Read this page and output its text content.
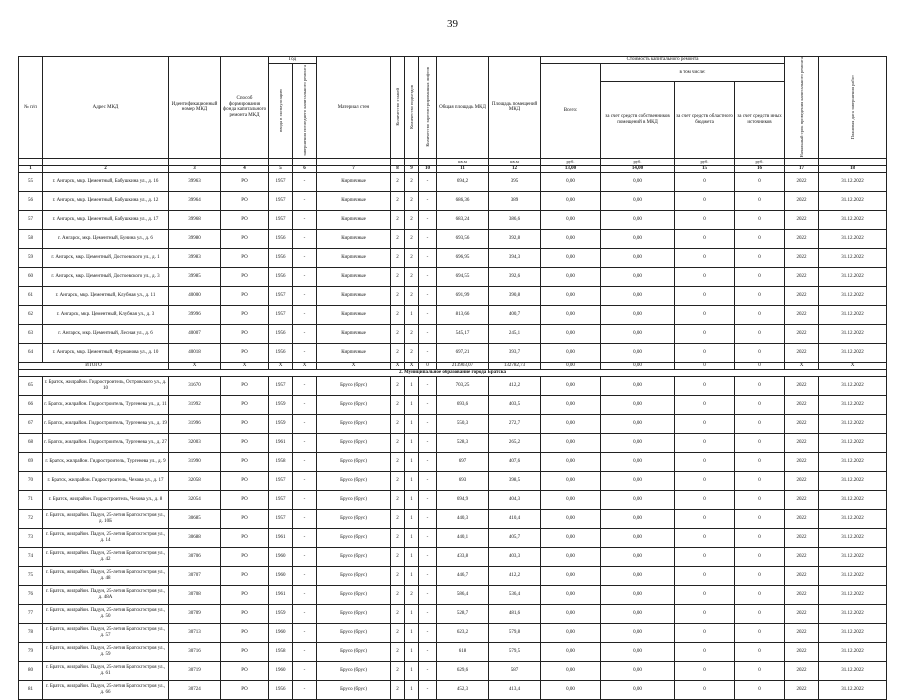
39
№ п/п	Адрес МКД	Идентификационный номер МКД	Способ формирования фонда капитального ремонта МКД	Год		Материал стен	Количество этажей	Количество подъездов	Количество зарегистрированных лифтов	Общая площадь МКД	Площадь помещений МКД	Стоимость капитального ремонта				Начальный срок проведения капитального ремонта	Плановая дата завершения работ

				ввода в эксплуатацию	завершения последнего капитального ремонта							Всего:	в том числе:				
													за счет средств собственников помещений в МКД	за счет средств областного бюджета	за счет средств иных источников		
										кв.м	кв.м	руб.	руб.	руб.	руб.		
1	2	3	4	5	6	7	8	9	10	11	12	13,00	14,00	15	16	17	18
55	г. Ангарск, мкр. Цементный, Бабушкина ул., д. 16	39963	РО	1957	-	Кирпичные	2	2	-	694,2	395	0,00	0,00	0	0	2022	31.12.2022
56	г. Ангарск, мкр. Цементный, Бабушкина ул., д. 12	39964	РО	1957	-	Кирпичные	2	2	-	686,36	389	0,00	0,00	0	0	2022	31.12.2022
57	г. Ангарск, мкр. Цементный, Бабушкина ул., д. 17	39968	РО	1957	-	Кирпичные	2	2	-	683,24	386,6	0,00	0,00	0	0	2022	31.12.2022
58	г. Ангарск, мкр. Цементный, Бунина ул., д. 6	39980	РО	1956	-	Кирпичные	2	2	-	693,56	392,8	0,00	0,00	0	0	2022	31.12.2022
59	г. Ангарск, мкр. Цементный, Достоевского ул., д. 1	39983	РО	1956	-	Кирпичные	2	2	-	696,95	394,3	0,00	0,00	0	0	2022	31.12.2022
60	г. Ангарск, мкр. Цементный, Достоевского ул., д. 3	39985	РО	1956	-	Кирпичные	2	2	-	694,55	392,6	0,00	0,00	0	0	2022	31.12.2022
61	г. Ангарск, мкр. Цементный, Клубная ул., д. 11	40000	РО	1957	-	Кирпичные	2	2	-	691,99	390,8	0,00	0,00	0	0	2022	31.12.2022
62	г. Ангарск, мкр. Цементный, Клубная ул., д. 3	39996	РО	1957	-	Кирпичные	2	1	-	813,66	400,7	0,00	0,00	0	0	2022	31.12.2022
63	г. Ангарск, мкр. Цементный, Лесная ул., д. 6	40007	РО	1956	-	Кирпичные	2	2	-	545,17	245,1	0,00	0,00	0	0	2022	31.12.2022
64	г. Ангарск, мкр. Цементный, Фурманова ул., д. 10	40018	РО	1956	-	Кирпичные	2	2	-	697,21	393,7	0,00	0,00	0	0	2022	31.12.2022
ИТОГО		X	X	X	X	X	X	X	0	213903,07	132782,73	0,00	0,00	0	0	X	X
2. Муниципальное образование города Братска																	
65	г. Братск, жилрайон. Гидростроитель, Островского ул., д. 10	31670	РО	1957	-	Брусо (брус)	2	1	-	703,25	412,2	0,00	0,00	0	0	2022	31.12.2022
66	г. Братск, жилрайон. Гидростроитель, Тургенева ул., д. 11	31992	РО	1959	-	Брусо (брус)	2	1	-	693,6	403,5	0,00	0,00	0	0	2022	31.12.2022
67	г. Братск, жилрайон. Гидростроитель, Тургенева ул., д. 19	31996	РО	1959	-	Брусо (брус)	2	1	-	550,3	272,7	0,00	0,00	0	0	2022	31.12.2022
68	г. Братск, жилрайон. Гидростроитель, Тургенева ул., д. 27	32003	РО	1961	-	Брусо (брус)	2	1	-	528,3	265,2	0,00	0,00	0	0	2022	31.12.2022
69	г. Братск, жилрайон. Гидростроитель, Тургенева ул., д. 9	31990	РО	1958	-	Брусо (брус)	2	1	-	697	407,6	0,00	0,00	0	0	2022	31.12.2022
70	г. Братск, жилрайон. Гидростроитель, Чехова ул., д. 17	32058	РО	1957	-	Брусо (брус)	2	1	-	693	398,5	0,00	0,00	0	0	2022	31.12.2022
71	г. Братск, жилрайон. Гидростроитель, Чехова ул., д. 8	32054	РО	1957	-	Брусо (брус)	2	1	-	694,9	404,3	0,00	0,00	0	0	2022	31.12.2022
72	г. Братск, жилрайон. Падун, 25-летия Братскгэстроя ул., д. 10Б	30685	РО	1957	-	Брусо (брус)	2	1	-	440,3	410,4	0,00	0,00	0	0	2022	31.12.2022
73	г. Братск, жилрайон. Падун, 25-летия Братскгэстроя ул., д. 14	30688	РО	1961	-	Брусо (брус)	2	1	-	440,1	405,7	0,00	0,00	0	0	2022	31.12.2022
74	г. Братск, жилрайон. Падун, 25-летия Братскгэстроя ул., д. 42	30706	РО	1960	-	Брусо (брус)	2	1	-	433,8	403,3	0,00	0,00	0	0	2022	31.12.2022
75	г. Братск, жилрайон. Падун, 25-летия Братскгэстроя ул., д. 48	30707	РО	1960	-	Брусо (брус)	2	1	-	446,7	412,2	0,00	0,00	0	0	2022	31.12.2022
76	г. Братск, жилрайон. Падун, 25-летия Братскгэстроя ул., д. 48А	30708	РО	1961	-	Брусо (брус)	2	2	-	586,4	536,4	0,00	0,00	0	0	2022	31.12.2022
77	г. Братск, жилрайон. Падун, 25-летия Братскгэстроя ул., д. 50	30709	РО	1959	-	Брусо (брус)	2	1	-	528,7	481,6	0,00	0,00	0	0	2022	31.12.2022
78	г. Братск, жилрайон. Падун, 25-летия Братскгэстроя ул., д. 57	30713	РО	1960	-	Брусо (брус)	2	1	-	623,2	579,8	0,00	0,00	0	0	2022	31.12.2022
79	г. Братск, жилрайон. Падун, 25-летия Братскгэстроя ул., д. 59	30716	РО	1958	-	Брусо (брус)	2	1	-	618	579,5	0,00	0,00	0	0	2022	31.12.2022
80	г. Братск, жилрайон. Падун, 25-летия Братскгэстроя ул., д. 61	30719	РО	1960	-	Брусо (брус)	2	1	-	629,6	587	0,00	0,00	0	0	2022	31.12.2022
81	г. Братск, жилрайон. Падун, 25-летия Братскгэстроя ул., д. 66	30724	РО	1956	-	Брусо (брус)	2	1	-	452,3	413,4	0,00	0,00	0	0	2022	31.12.2022
